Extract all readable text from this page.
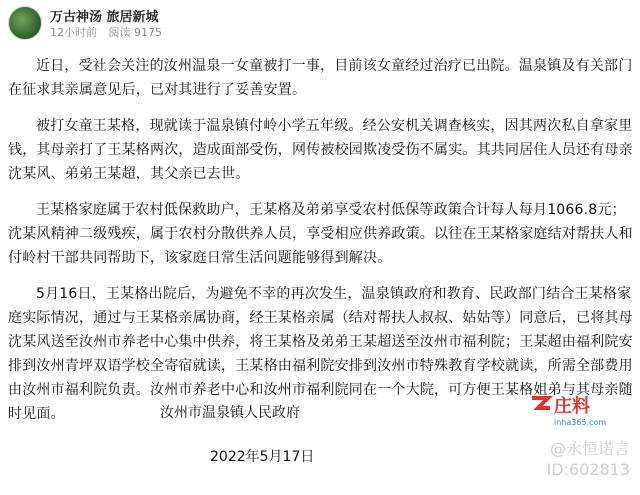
万古神汤 旅居新城
12小时前 阅读 9175

近日，受社会关注的汝州温泉一女童被打一事，目前该女童经过治疗已出院。温泉镇及有关部门在征求其亲属意见后，已对其进行了妥善安置。

被打女童王某格，现就读于温泉镇付岭小学五年级。经公安机关调查核实，因其两次私自拿家里钱，其母亲打了王某格两次，造成面部受伤，网传被校园欺凌受伤不属实。其共同居住人员还有母亲沈某风、弟弟王某超，其父亲已去世。

王某格家庭属于农村低保救助户，王某格及弟弟享受农村低保等政策合计每人每月1066.8元；沈某风精神二级残疾，属于农村分散供养人员，享受相应供养政策。以往在王某格家庭结对帮扶人和付岭村干部共同帮助下，该家庭日常生活问题能够得到解决。

5月16日，王某格出院后，为避免不幸的再次发生，温泉镇政府和教育、民政部门结合王某格家庭实际情况，通过与王某格亲属协商，经王某格亲属（结对帮扶人叔叔、姑姑等）同意后，已将其母沈某风送至汝州市养老中心集中供养，将王某格及弟弟王某超送至汝州市福利院；王某超由福利院安排到汝州青坪双语学校全寄宿就读，王某格由福利院安排到汝州市特殊教育学校就读，所需全部费用由汝州市福利院负责。汝州市养老中心和汝州市福利院同在一个大院，可方便王某格姐弟与其母亲随时见面。	汝州市温泉镇人民政府
2022年5月17日
庄料
inha365.com
@永恒诺言
ID:602813
